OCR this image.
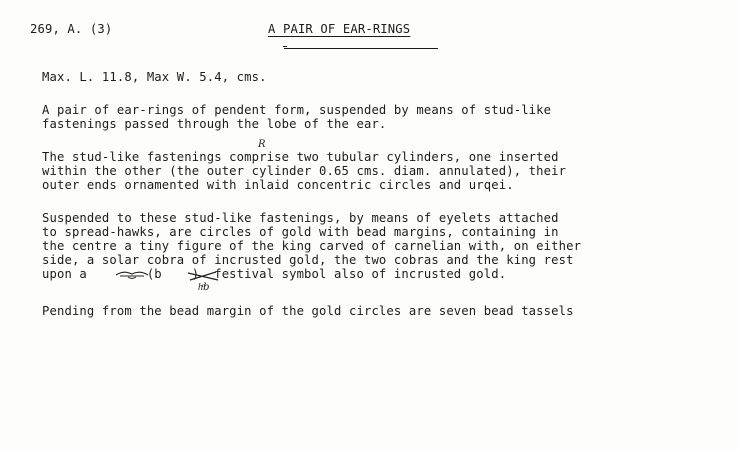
269, A. (3)	A PAIR OF EAR-RINGS
Max. L. 11.8, Max W. 5.4, cms.
A pair of ear-rings of pendent form, suspended by means of stud-like
fastenings passed through the lobe of the ear.
The stud-like fastenings comprise two tubular cylinders, one inserted
within the other (the outer cylinder 0.65 cms. diam. annulated), their
outer ends ornamented with inlaid concentric circles and urqei.
R
Suspended to these stud-like fastenings, by means of eyelets attached
to spread-hawks, are circles of gold with bead margins, containing in
the centre a tiny figure of the king carved of carnelian with, on either
side, a solar cobra of incrusted gold, the two cobras and the king rest
upon a        (b    )  festival symbol also of incrusted gold.
hͣb
Pending from the bead margin of the gold circles are seven bead tassels
